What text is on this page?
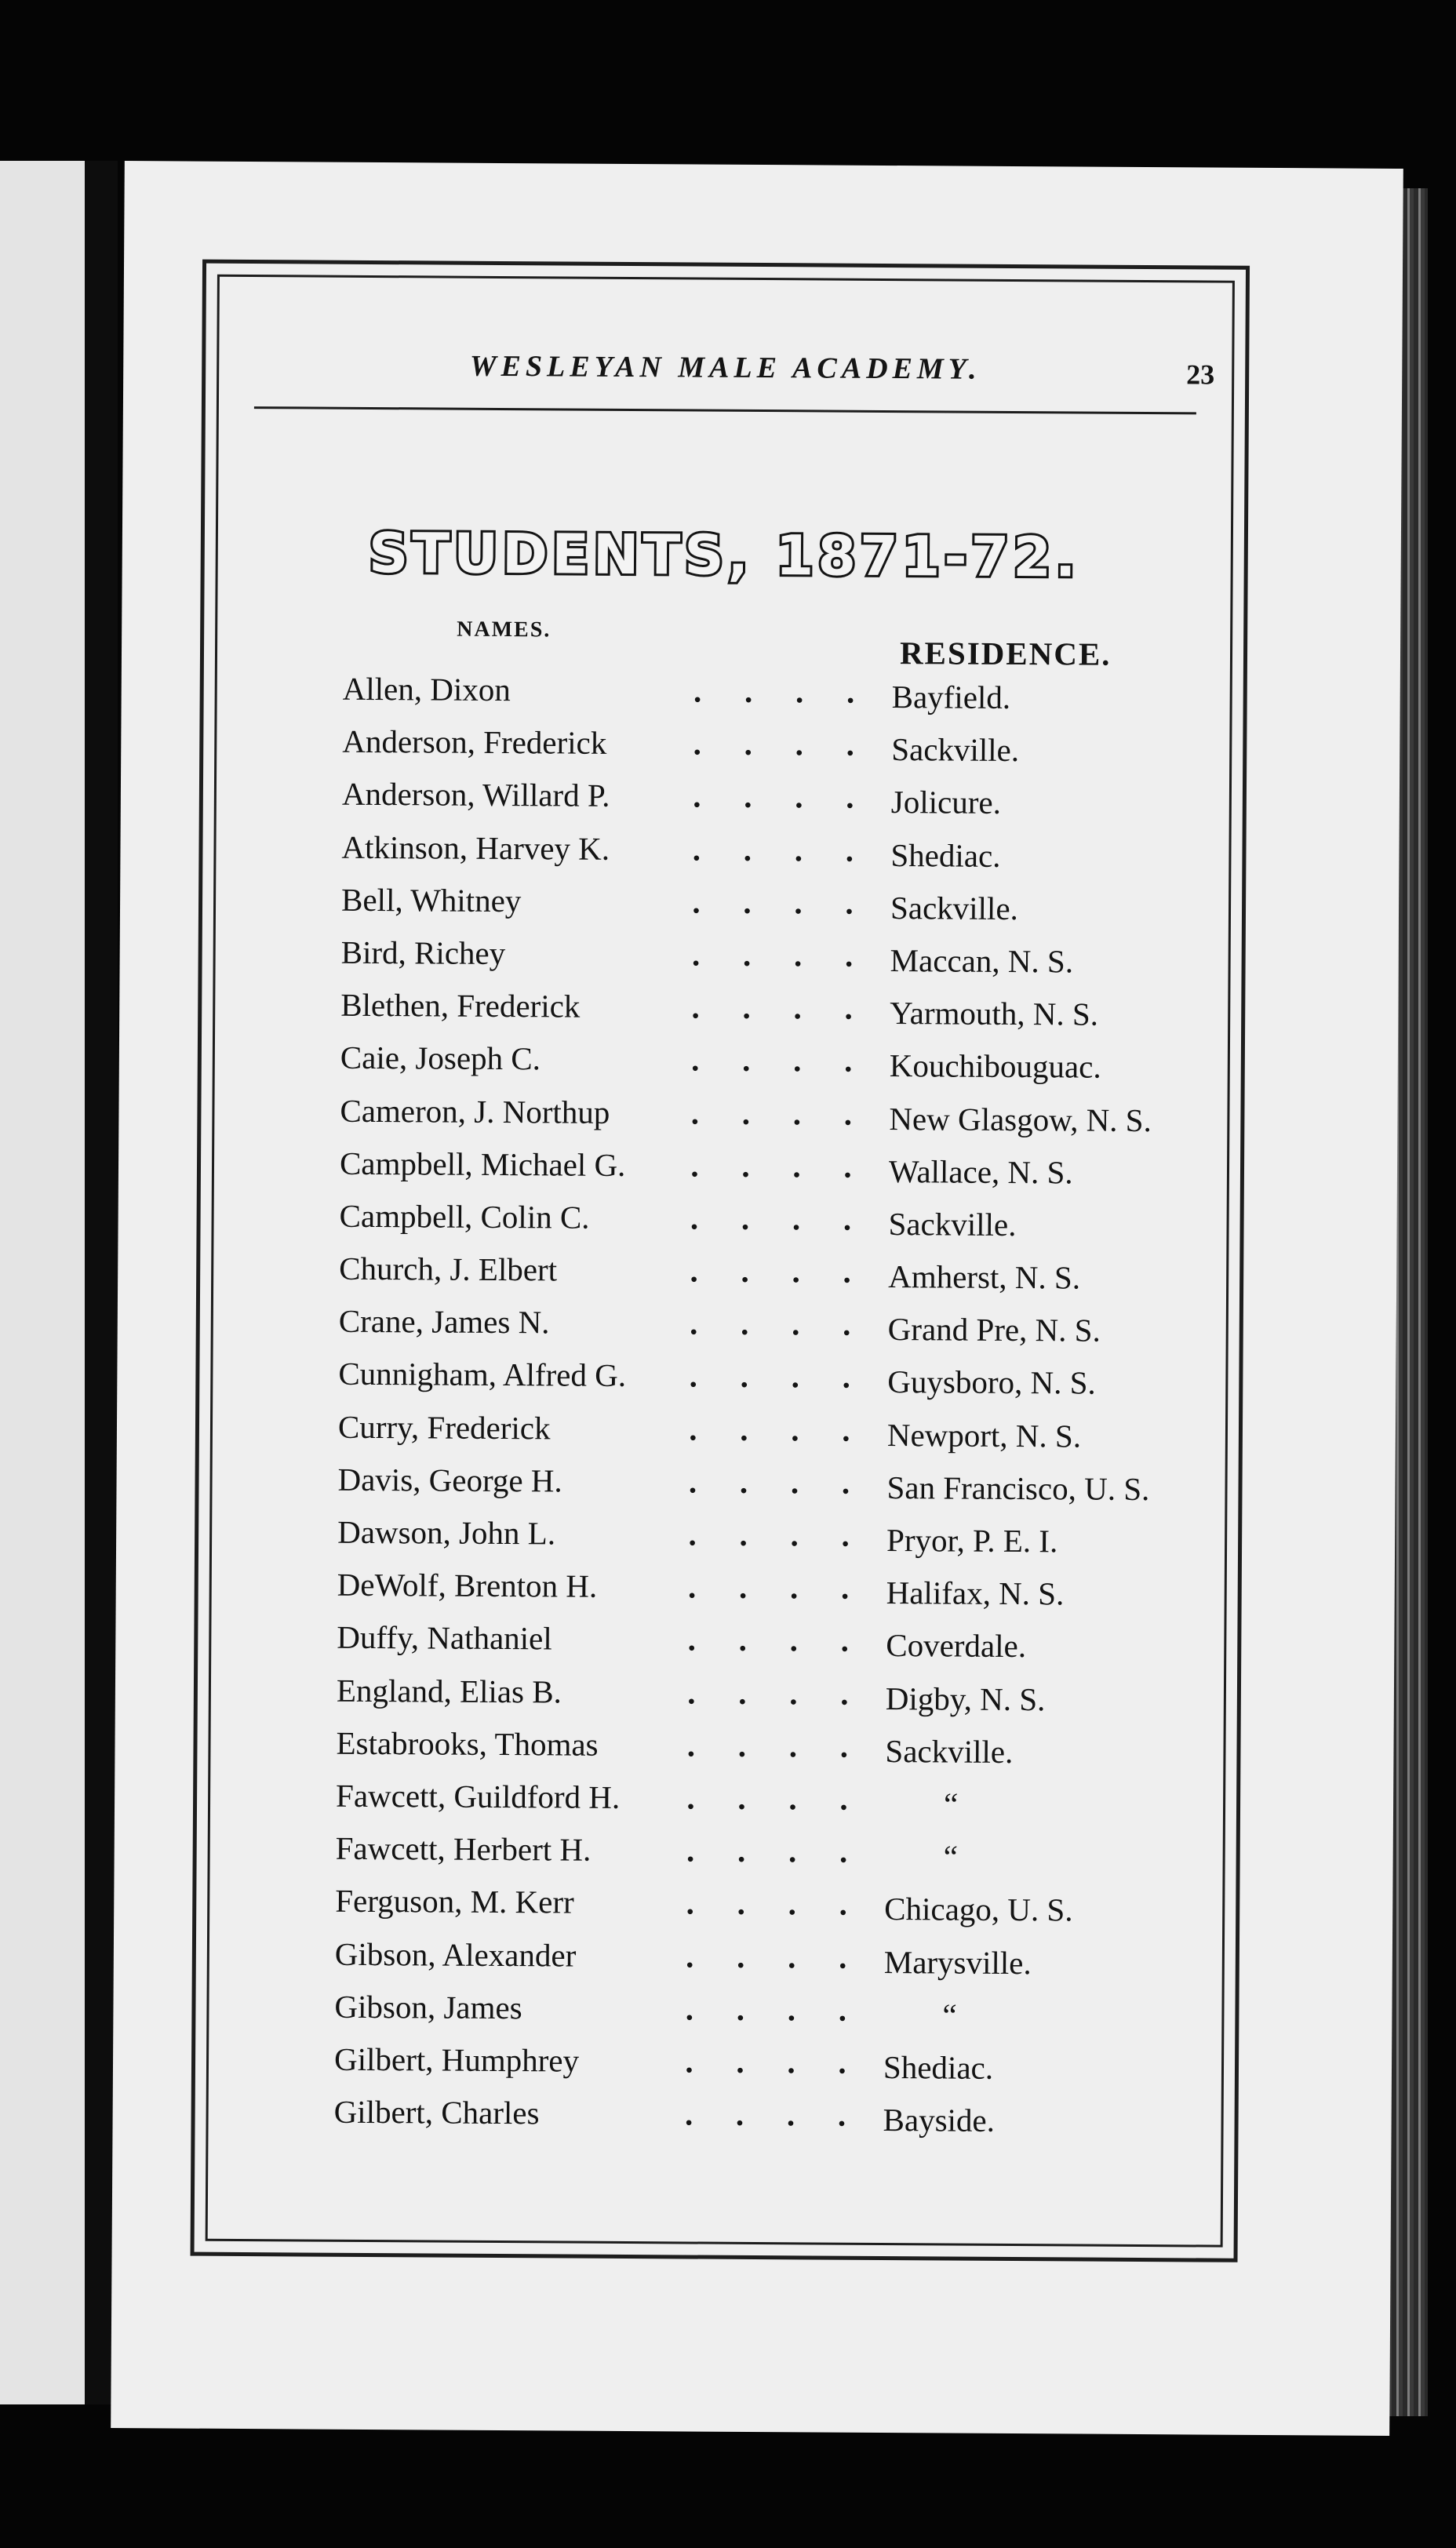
WESLEYAN MALE ACADEMY.	23
STUDENTS, 1871-72.
NAMES.
RESIDENCE.
Allen, Dixon	. . . . Bayfield.
Anderson, Frederick	. . . . Sackville.
Anderson, Willard P.	. . . . Jolicure.
Atkinson, Harvey K.	. . . . Shediac.
Bell, Whitney	. . . . Sackville.
Bird, Richey	. . . . Maccan, N. S.
Blethen, Frederick	. . . . Yarmouth, N. S.
Caie, Joseph C.	. . . . Kouchibouguac.
Cameron, J. Northup	. . . . New Glasgow, N. S.
Campbell, Michael G. . . . . Wallace, N. S.
Campbell, Colin C.	. . . . Sackville.
Church, J. Elbert	. . . . Amherst, N. S.
Crane, James N.	. . . . Grand Pre, N. S.
Cunnigham, Alfred G. . . . . Guysboro, N. S.
Curry, Frederick	. . . . Newport, N. S.
Davis, George H.	. . . . San Francisco, U. S.
Dawson, John L.	. . . . Pryor, P. E. I.
DeWolf, Brenton H.	. . . . Halifax, N. S.
Duffy, Nathaniel	. . . . Coverdale.
England, Elias B.	. . . . Digby, N. S.
Estabrooks, Thomas	. . . . Sackville.
Fawcett, Guildford H. . . . .	“
Fawcett, Herbert H.	. . . .	“
Ferguson, M. Kerr	. . . . Chicago, U. S.
Gibson, Alexander	. . . . Marysville.
Gibson, James	. . . .	“
Gilbert, Humphrey	. . . . Shediac.
Gilbert, Charles	. . . . Bayside.
